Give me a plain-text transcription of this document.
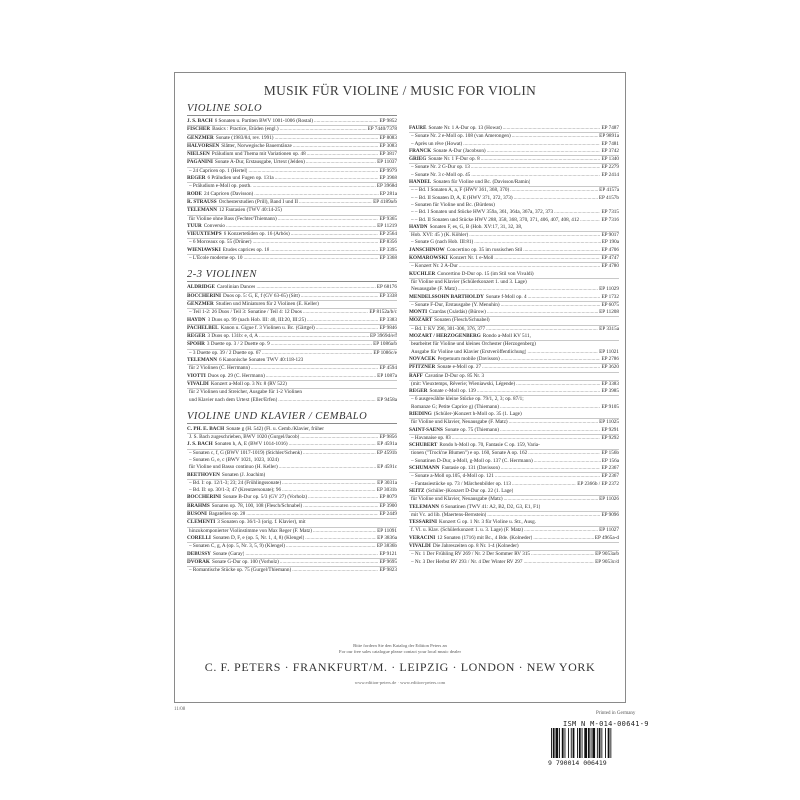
MUSIK FÜR VIOLINE / MUSIC FOR VIOLIN
VIOLINE SOLO
J. S. BACH 6 Sonaten u. Partiten BWV 1001-1006 (Rostal) .....	EP 9852
FISCHER Basics : Practice, Etüden (engl.) .....	EP 7440/7378
GENZMER Sonate (1983/84, rev. 1991) .....	EP 8083
HALVORSEN Slåtter, Norwegische Bauerntänze .....	EP 3083
NIELSEN Präludium und Thema mit Variationen op. 48 .....	EP 3817
PAGANINI Sonate A-Dur, Erstausgabe, Urtext (Jelden) .....	EP 11037
– 24 Capricen op. 1 (Hertel) .....	EP 9979
REGER 6 Präludien und Fugen op. 131a .....	EP 3968
– Präludium e-Moll op. posth. .....	EP 3968d
RODE 24 Capricen (Davisson) .....	EP 281a
R. STRAUSS Orchesterstudien (Prill), Band I und II .....	EP 4189a/b
TELEMANN 12 Fantasien (TWV 40:14-25)
für Violine ohne Bass (Fechter/Thiemann) .....	EP 9365
TÜÜR Conversio .....	EP 11219
VIEUXTEMPS 6 Konzertetüden op. 16 (Arbós) .....	EP 2564
– 6 Morceaux op. 55 (Drüner) .....	EP 8356
WIENIAWSKI Etudes caprices op. 18 .....	EP 3395
– L'École moderne op. 10 .....	EP 3368
2-3 VIOLINEN
ALDRIDGE Carolinian Dances .....	EP 68176
BOCCHERINI Duos op. 5: G, E, f (GV 63-65) (Sitt) .....	EP 3338
GENZMER Studien und Miniaturen für 2 Violinen (E. Keller)
– Teil 1-2: 26 Duos / Teil 3: Sonatine / Teil 4: 12 Duos .....	EP 8152a/b/c
HAYDN 3 Duos op. 99 (nach Hob. III: 40, III:20, III:25) .....	EP 3383
PACHELBEL Kanon u. Gigue f. 3 Violinen u. Bc. (Gärtgel) .....	EP 9846
REGER 3 Duos op. 131b: e, d, A .....	EP 3969d/e/f
SPOHR 3 Duette op. 3 / 2 Duette op. 9 .....	EP 1086a/b
– 3 Duette op. 39 / 2 Duette op. 67 .....	EP 1086c/e
TELEMANN 6 Kanonische Sonaten TWV 40:118-123
für 2 Violinen (C. Herrmann) .....	EP 4594
VIOTTI Duos op. 29 (C. Herrmann) .....	EP 1087a
VIVALDI Konzert a-Moll op. 3 Nr. 8 (RV 522)
für 2 Violinen und Streicher, Ausgabe für 1-2 Violinen
und Klavier nach dem Urtext (Eller/Erfen) .....	EP 9458a
VIOLINE UND KLAVIER / CEMBALO
C. PH. E. BACH Sonate g (H. 542) (Fl. u. Cemb./Klavier, früher
J. S. Bach zugeschrieben, BWV 1020 (Gurgel/Jacob) .....	EP 9856
J. S. BACH Sonaten h, A, E (BWV 1014-1016) .....	EP 4591a
– Sonaten c, f, G (BWV 1017-1019) (Stichler/Schenk) .....	EP 4591b
– Sonaten G, e, c (BWV 1021, 1023, 1024)
für Violine und Basso continuo (H. Keller) .....	EP 4591c
BEETHOVEN Sonaten (J. Joachim)
– Bd. I: op. 12/1-3; 23; 24 (Frühlingssonate) .....	EP 3031a
– Bd. II: op. 30/1-3; 47 (Kreutzersonate); 96 .....	EP 3031b
BOCCHERINI Sonate B-Dur op. 5/3 (GV 27) (Vorholz) .....	EP 8079
BRAHMS Sonaten op. 78, 100, 108 (Flesch/Schnabel) .....	EP 3900
BUSONI Bagatellen op. 28 .....	EP 2449
CLEMENTI 3 Sonaten op. 36/1-3 (orig. f. Klavier), mit
hinzukomponierter Violinstimme von Max Reger (F. Matz) .....	EP 11091
CORELLI Sonaten D, F, e (op. 5, Nr. 1, 4, 8) (Klengel) .....	EP 3836a
– Sonaten C, g, A (op. 5, Nr. 3, 5, 9) (Klengel) .....	EP 3836b
DEBUSSY Sonate (Garay) .....	EP 9121
DVOŘÁK Sonate G-Dur op. 100 (Vorholz) .....	EP 9695
– Romantische Stücke op. 75 (Gurgel/Thiemann) .....	EP 9823
FAURÉ Sonate Nr. 1 A-Dur op. 13 (Howat) .....	EP 7487
– Sonate Nr. 2 e-Moll op. 108 (van Amerongen) .....	EP 9891a
– Après un rêve (Howat) .....	EP 7481
FRANCK Sonate A-Dur (Jacobson) .....	EP 3742
GRIEG Sonate Nr. 1 F-Dur op. 8 .....	EP 1340
– Sonate Nr. 2 G-Dur op. 13 .....	EP 2279
– Sonate Nr. 3 c-Moll op. 45 .....	EP 2414
HÄNDEL Sonaten für Violine und Bc. (Davisson/Ramin)
– – Bd. I Sonaten A, a, F (HWV 361, 368, 370) .....	EP 4157a
– – Bd. II Sonaten D, A, E (HWV 371, 372, 373) .....	EP 4157b
– Sonaten für Violine und Bc. (Bürdens)
– – Bd. I Sonaten und Stücke HWV 359a, 361, 364a, 367a, 372, 373 .....	EP 7315
– – Bd. II Sonaten und Stücke HWV 288, 358, 368, 370, 371, 406, 407, 408, 412 .....	EP 7316
HAYDN Sonaten F, es, G, B (Hob. XV:17, 31, 32, 38,
Hob. XVI: 45 ) (K. Köhler) .....	EP 9017
– Sonate G (nach Hob. III:81) .....	EP 190a
JANSCHINOW Concertino op. 35 im russischen Stil .....	EP 4706
KOMAROWSKI Konzert Nr. 1 e-Moll .....	EP 4747
– Konzert Nr. 2 A-Dur .....	EP 4780
KÜCHLER Concertino D-Dur op. 15 (im Stil von Vivaldi)
für Violine und Klavier (Schülerkonzert 1. und 3. Lage)
Neuausgabe (F. Matz) .....	EP 11029
MENDELSSOHN BARTHOLDY Sonate f-Moll op. 4 .....	EP 1732
– Sonate F-Dur, Erstausgabe (Y. Menuhin) .....	EP 6075
MONTI Czardas (Csárdás) (Bürow) .....	EP 11208
MOZART Sonaten (Flesch/Schnabel)
– Bd. I: KV 296, 301-306, 376, 377 .....	EP 3315a
MOZART / HERZOGENBERG Rondo a-Moll KV 511,
bearbeitet für Violine und kleines Orchester (Herzogenberg)
Ausgabe für Violine und Klavier (Erstveröffentlichung) .....	EP 11021
NOVÁČEK Perpetuum mobile (Davisson) .....	EP 2786
PFITZNER Sonate e-Moll op. 27 .....	EP 3620
RAFF Cavatine D-Dur op. 85 Nr. 3
(mit: Vieuxtemps, Rêverie; Wieniawski, Légende) .....	EP 3383
REGER Sonate c-Moll op. 139 .....	EP 3985
– 6 ausgewählte kleine Stücke op. 79/1, 2, 3; op. 87/1;
Romanze G; Petite Caprice g) (Thiemann) .....	EP 9105
RIEDING (Schüler-)Konzert h-Moll op. 35 (1. Lage)
für Violine und Klavier, Neuausgabe (F. Matz) .....	EP 11025
SAINT-SAËNS Sonate op. 75 (Thiemann) .....	EP 9291
– Havanaise op. 83 .....	EP 9292
SCHUBERT Rondo h-Moll op. 70, Fantasie C op. 159, Varia-
tionen ("Trock'ne Blumen") e op. 160, Sonate A op. 162 .....	EP 156b
– Sonatinen D-Dur, a-Moll, g-Moll op. 137 (C. Herrmann) .....	EP 156a
SCHUMANN Fantasie op. 131 (Davisson) .....	EP 2367
– Sonate a-Moll op.105, d-Moll op. 121 .....	EP 2367
– Fantasiestücke op. 73 / Märchenbilder op. 113 .....	EP 2366b / EP 2372
SEITZ (Schüler-)Konzert D-Dur op. 22 (1. Lage)
für Violine und Klavier, Neuausgabe (Matz) .....	EP 11026
TELEMANN 6 Sonatinen (TWV 41: A2, B2, D2, G3, E1, F1)
mit Vc. ad lib. (Maertens-Bernstein) .....	EP 9096
TESSARINI Konzert G op. 1 Nr. 3 für Violine u. Str., Ausg.
f. Vl. u. Klav. (Schülerkonzert 1. u. 3. Lage) (F. Matz) .....	EP 11027
VERACINI 12 Sonaten (1716) mit Bc., 4 Bde. (Kolneder) .....	EP 4965a-d
VIVALDI Die Jahreszeiten op. 8 Nr. 1-4 (Kolneder)
– Nr. 1 Der Frühling RV 269 / Nr. 2 Der Sommer RV 315 .....	EP 9053a/b
– Nr. 3 Der Herbst RV 293 / Nr. 4 Der Winter RV 297 .....	EP 9053c/d
Bitte fordern Sie den Katalog der Edition Peters an
For our free sales catalogue please contact your local music dealer
C. F. PETERS · FRANKFURT/M. · LEIPZIG · LONDON · NEW YORK
www.edition-peters.de · www.edition-peters.com
11/08
Printed in Germany
ISM N M-014-00641-9
9 790014 006419
